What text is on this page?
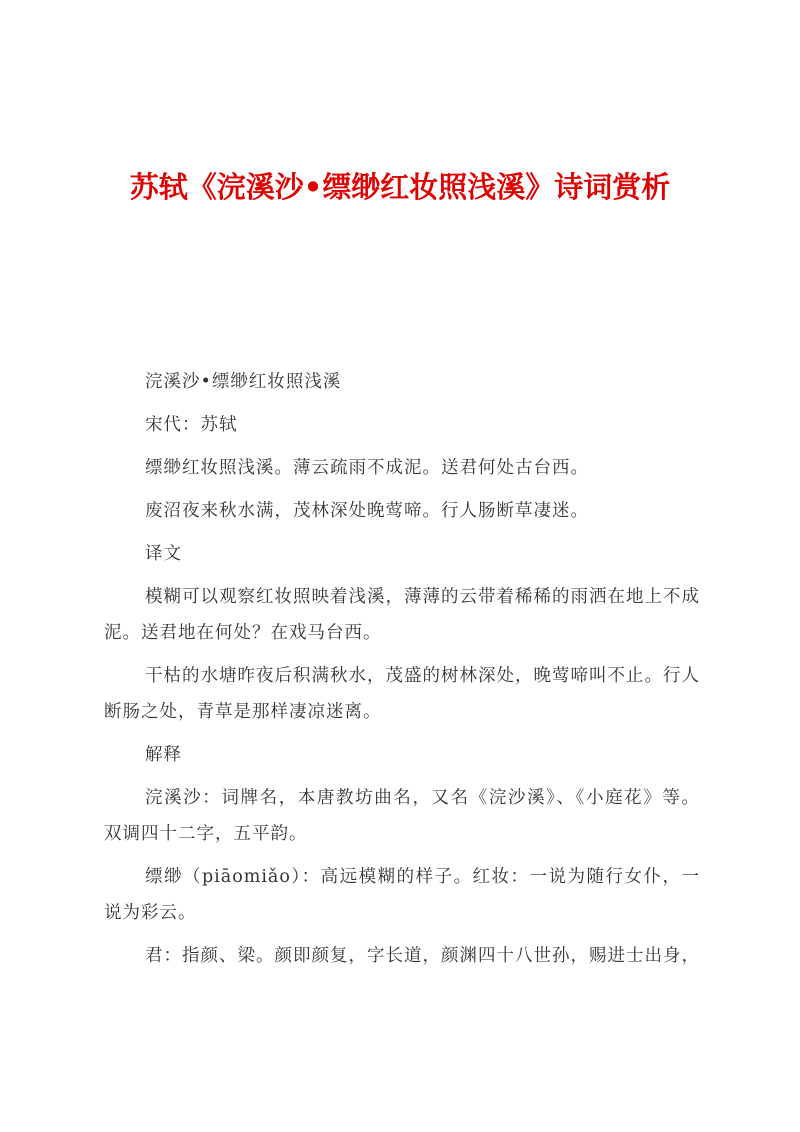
苏轼《浣溪沙•缥缈红妆照浅溪》诗词赏析

浣溪沙•缥缈红妆照浅溪

宋代：苏轼

缥缈红妆照浅溪。薄云疏雨不成泥。送君何处古台西。

废沼夜来秋水满，茂林深处晚莺啼。行人肠断草凄迷。

译文

模糊可以观察红妆照映着浅溪，薄薄的云带着稀稀的雨洒在地上不成泥。送君地在何处？在戏马台西。

干枯的水塘昨夜后积满秋水，茂盛的树林深处，晚莺啼叫不止。行人断肠之处，青草是那样凄凉迷离。

解释

浣溪沙：词牌名，本唐教坊曲名，又名《浣沙溪》、《小庭花》等。双调四十二字，五平韵。

缥缈（piāomiǎo）：高远模糊的样子。红妆：一说为随行女仆，一说为彩云。

君：指颜、梁。颜即颜复，字长道，颜渊四十八世孙，赐进士出身，
